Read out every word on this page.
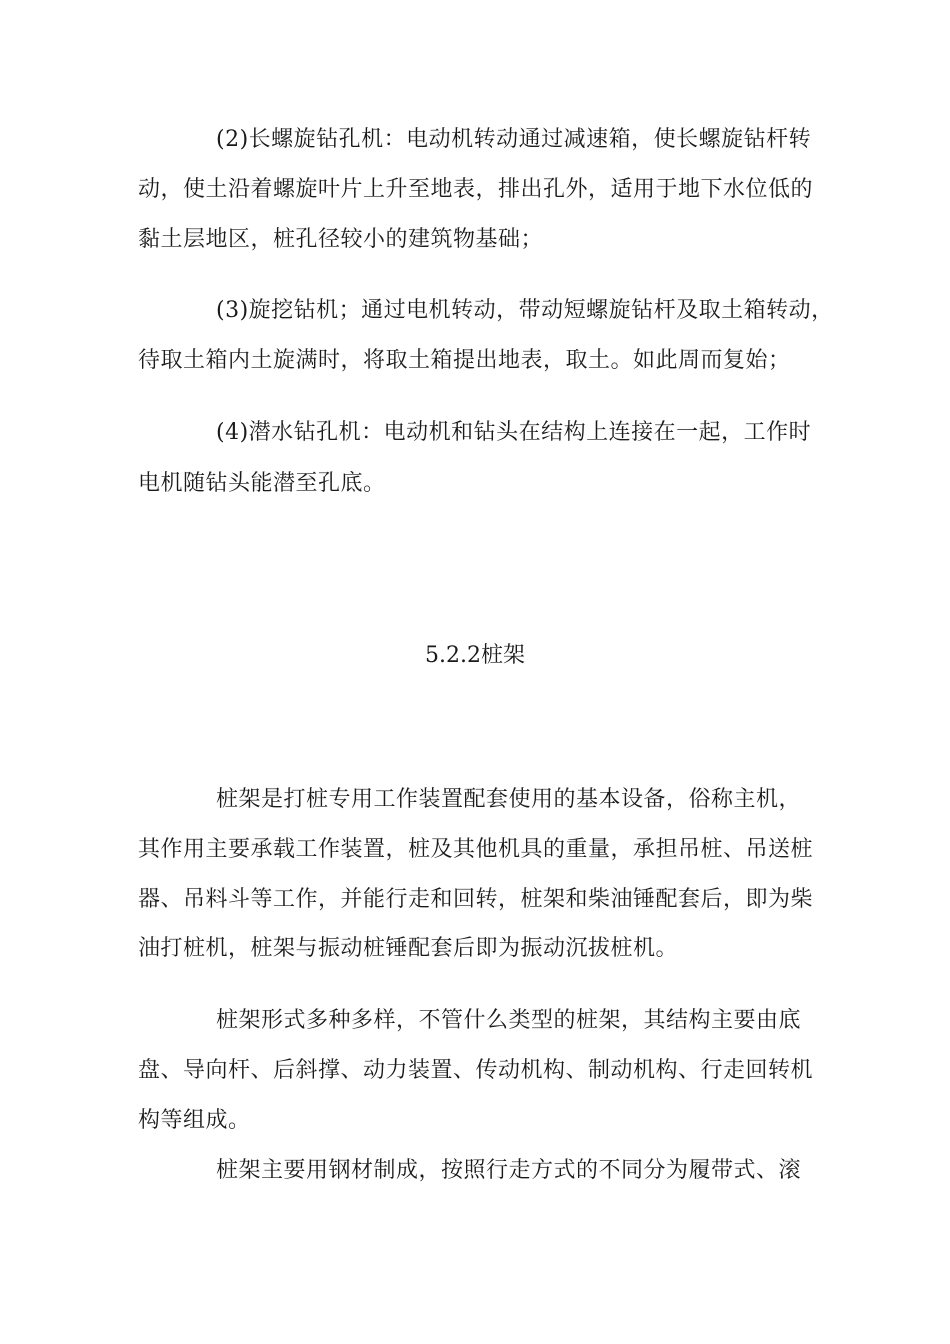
(2)长螺旋钻孔机：电动机转动通过减速箱，使长螺旋钻杆转
动，使土沿着螺旋叶片上升至地表，排出孔外，适用于地下水位低的
黏土层地区，桩孔径较小的建筑物基础；
(3)旋挖钻机；通过电机转动，带动短螺旋钻杆及取土箱转动，
待取土箱内土旋满时，将取土箱提出地表，取土。如此周而复始；
(4)潜水钻孔机：电动机和钻头在结构上连接在一起，工作时
电机随钻头能潜至孔底。
5.2.2桩架
桩架是打桩专用工作装置配套使用的基本设备，俗称主机，
其作用主要承载工作装置，桩及其他机具的重量，承担吊桩、吊送桩
器、吊料斗等工作，并能行走和回转，桩架和柴油锤配套后，即为柴
油打桩机，桩架与振动桩锤配套后即为振动沉拔桩机。
桩架形式多种多样，不管什么类型的桩架，其结构主要由底
盘、导向杆、后斜撑、动力装置、传动机构、制动机构、行走回转机
构等组成。
桩架主要用钢材制成，按照行走方式的不同分为履带式、滚
